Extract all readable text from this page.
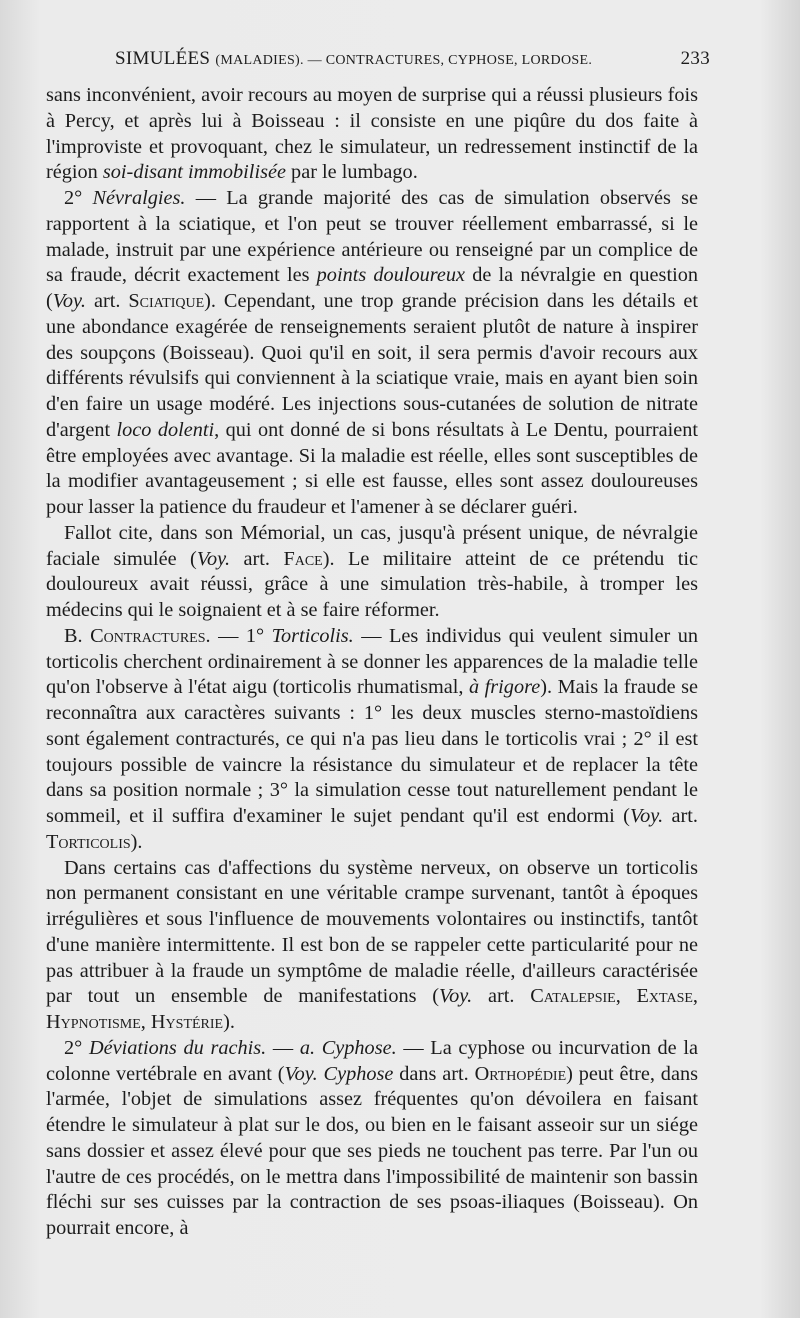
SIMULÉES (MALADIES). — CONTRACTURES, CYPHOSE, LORDOSE.	233

sans inconvénient, avoir recours au moyen de surprise qui a réussi plusieurs fois à Percy, et après lui à Boisseau : il consiste en une piqûre du dos faite à l'improviste et provoquant, chez le simulateur, un redressement instinctif de la région soi-disant immobilisée par le lumbago.

2° Névralgies. — La grande majorité des cas de simulation observés se rapportent à la sciatique, et l'on peut se trouver réellement embarrassé, si le malade, instruit par une expérience antérieure ou renseigné par un complice de sa fraude, décrit exactement les points douloureux de la névralgie en question (Voy. art. Sciatique). Cependant, une trop grande précision dans les détails et une abondance exagérée de renseignements seraient plutôt de nature à inspirer des soupçons (Boisseau). Quoi qu'il en soit, il sera permis d'avoir recours aux différents révulsifs qui conviennent à la sciatique vraie, mais en ayant bien soin d'en faire un usage modéré. Les injections sous-cutanées de solution de nitrate d'argent loco dolenti, qui ont donné de si bons résultats à Le Dentu, pourraient être employées avec avantage. Si la maladie est réelle, elles sont susceptibles de la modifier avantageusement ; si elle est fausse, elles sont assez douloureuses pour lasser la patience du fraudeur et l'amener à se déclarer guéri.

Fallot cite, dans son Mémorial, un cas, jusqu'à présent unique, de névralgie faciale simulée (Voy. art. Face). Le militaire atteint de ce prétendu tic douloureux avait réussi, grâce à une simulation très-habile, à tromper les médecins qui le soignaient et à se faire réformer.

B. Contractures. — 1° Torticolis. — Les individus qui veulent simuler un torticolis cherchent ordinairement à se donner les apparences de la maladie telle qu'on l'observe à l'état aigu (torticolis rhumatismal, à frigore). Mais la fraude se reconnaîtra aux caractères suivants : 1° les deux muscles sterno-mastoïdiens sont également contracturés, ce qui n'a pas lieu dans le torticolis vrai ; 2° il est toujours possible de vaincre la résistance du simulateur et de replacer la tête dans sa position normale ; 3° la simulation cesse tout naturellement pendant le sommeil, et il suffira d'examiner le sujet pendant qu'il est endormi (Voy. art. Torticolis).

Dans certains cas d'affections du système nerveux, on observe un torticolis non permanent consistant en une véritable crampe survenant, tantôt à époques irrégulières et sous l'influence de mouvements volontaires ou instinctifs, tantôt d'une manière intermittente. Il est bon de se rappeler cette particularité pour ne pas attribuer à la fraude un symptôme de maladie réelle, d'ailleurs caractérisée par tout un ensemble de manifestations (Voy. art. Catalepsie, Extase, Hypnotisme, Hystérie).

2° Déviations du rachis. — a. Cyphose. — La cyphose ou incurvation de la colonne vertébrale en avant (Voy. Cyphose dans art. Orthopédie) peut être, dans l'armée, l'objet de simulations assez fréquentes qu'on dévoilera en faisant étendre le simulateur à plat sur le dos, ou bien en le faisant asseoir sur un siége sans dossier et assez élevé pour que ses pieds ne touchent pas terre. Par l'un ou l'autre de ces procédés, on le mettra dans l'impossibilité de maintenir son bassin fléchi sur ses cuisses par la contraction de ses psoas-iliaques (Boisseau). On pourrait encore, à
